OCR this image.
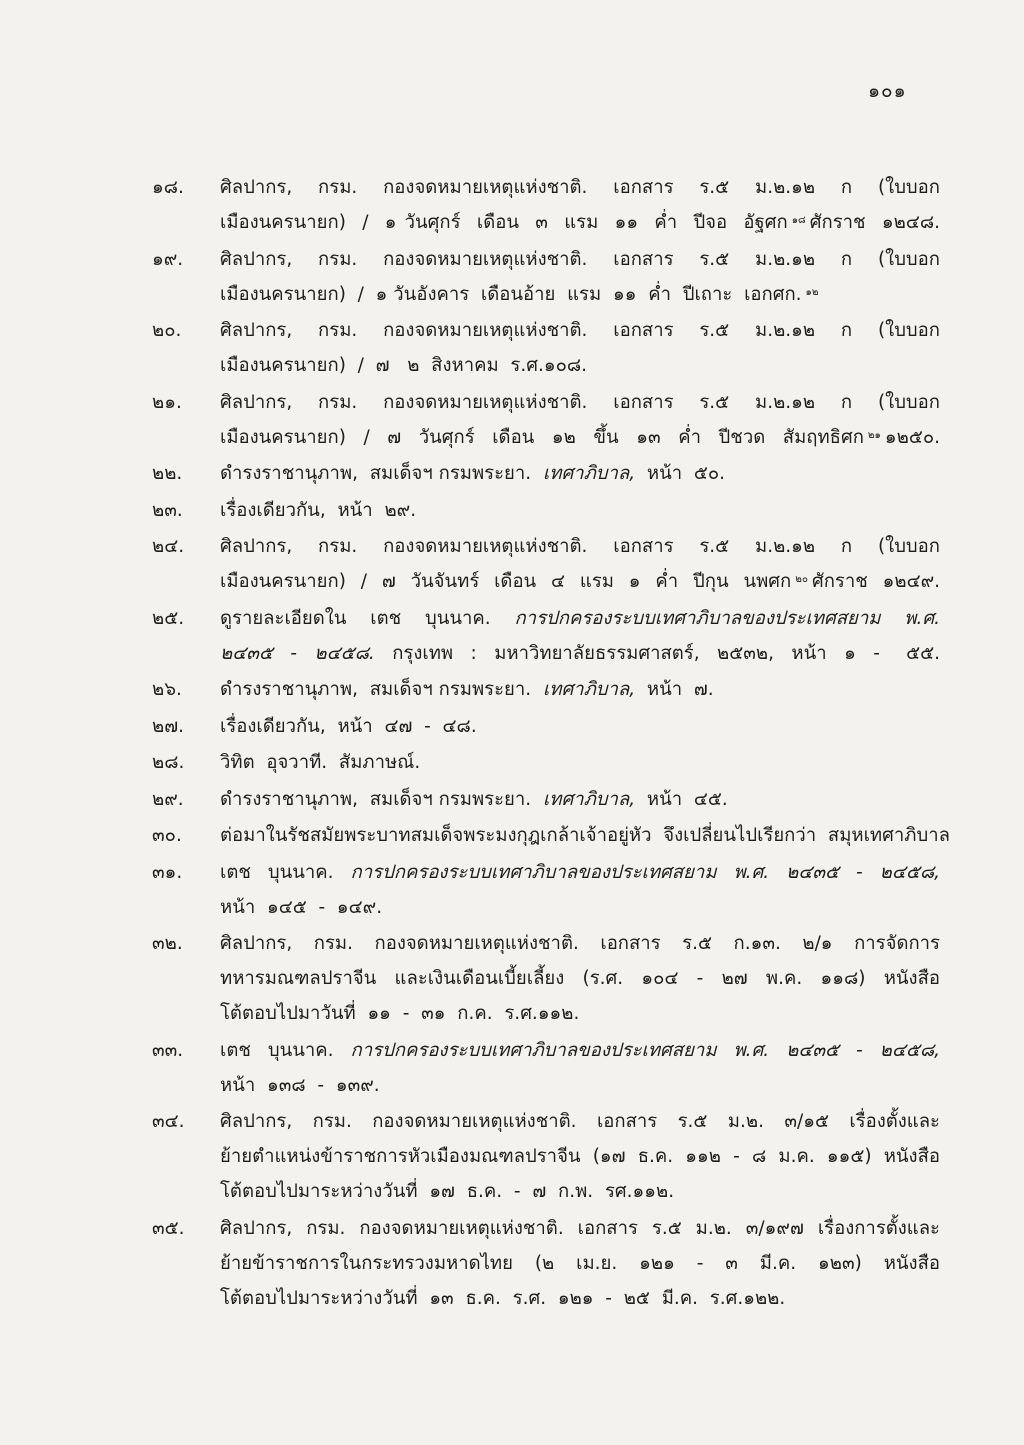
๑๐๑
๑๘. ศิลปากร,  กรม.  กองจดหมายเหตุแห่งชาติ.  เอกสาร  ร.๕  ม.๒.๑๒  ก  (ใบบอก
เมืองนครนายก)  /  ๑ วันศุกร์  เดือน  ๓  แรม  ๑๑  ค่ำ  ปีจอ  อัฐศก $^{๑๘}$ ศักราช  ๑๒๔๘.
๑๙. ศิลปากร,  กรม.  กองจดหมายเหตุแห่งชาติ.  เอกสาร  ร.๕  ม.๒.๑๒  ก  (ใบบอก
เมืองนครนายก)  /  ๑ วันอังคาร  เดือนอ้าย  แรม  ๑๑  ค่ำ  ปีเถาะ  เอกศก. $^{๑๒}$
๒๐. ศิลปากร,  กรม.  กองจดหมายเหตุแห่งชาติ.  เอกสาร  ร.๕  ม.๒.๑๒  ก  (ใบบอก
เมืองนครนายก)  /  ๗   ๒  สิงหาคม  ร.ศ.๑๐๘.
๒๑. ศิลปากร,  กรม.  กองจดหมายเหตุแห่งชาติ.  เอกสาร  ร.๕  ม.๒.๑๒  ก  (ใบบอก
เมืองนครนายก)  /  ๗  วันศุกร์  เดือน  ๑๒  ขึ้น  ๑๓  ค่ำ  ปีชวด  สัมฤทธิศก $^{๒๑}$ ๑๒๕๐.
๒๒. ดำรงราชานุภาพ,  สมเด็จฯ กรมพระยา.  เทศาภิบาล,  หน้า  ๕๐.
๒๓. เรื่องเดียวกัน,  หน้า  ๒๙.
๒๔. ศิลปากร,  กรม.  กองจดหมายเหตุแห่งชาติ.  เอกสาร  ร.๕  ม.๒.๑๒  ก  (ใบบอก
เมืองนครนายก)  /  ๗  วันจันทร์  เดือน  ๔  แรม  ๑  ค่ำ  ปีกุน  นพศก $^{๒๐}$ ศักราช  ๑๒๔๙.
๒๕. ดูรายละเอียดใน  เตช  บุนนาค.  การปกครองระบบเทศาภิบาลของประเทศสยาม  พ.ศ.
๒๔๓๕  -  ๒๔๕๘.  กรุงเทพ  :  มหาวิทยาลัยธรรมศาสตร์,  ๒๕๓๒,  หน้า  ๑  -   ๕๕.
๒๖. ดำรงราชานุภาพ,  สมเด็จฯ กรมพระยา.  เทศาภิบาล,  หน้า  ๗.
๒๗. เรื่องเดียวกัน,  หน้า  ๔๗  -  ๔๘.
๒๘. วิทิต  อุจวาที.  สัมภาษณ์.
๒๙. ดำรงราชานุภาพ,  สมเด็จฯ กรมพระยา.  เทศาภิบาล,  หน้า  ๔๕.
๓๐. ต่อมาในรัชสมัยพระบาทสมเด็จพระมงกุฎเกล้าเจ้าอยู่หัว  จึงเปลี่ยนไปเรียกว่า  สมุหเทศาภิบาล
๓๑. เตช  บุนนาค.  การปกครองระบบเทศาภิบาลของประเทศสยาม  พ.ศ.  ๒๔๓๕  -  ๒๔๕๘,
หน้า  ๑๔๕  -  ๑๔๙.
๓๒. ศิลปากร,  กรม.  กองจดหมายเหตุแห่งชาติ.  เอกสาร  ร.๕  ก.๑๓.  ๒/๑  การจัดการ
ทหารมณฑลปราจีน  และเงินเดือนเบี้ยเลี้ยง  (ร.ศ.  ๑๐๔  -  ๒๗  พ.ค.  ๑๑๘)  หนังสือ
โต้ตอบไปมาวันที่  ๑๑  -  ๓๑  ก.ค.  ร.ศ.๑๑๒.
๓๓. เตช  บุนนาค.  การปกครองระบบเทศาภิบาลของประเทศสยาม  พ.ศ.  ๒๔๓๕  -  ๒๔๕๘,
หน้า  ๑๓๘  -  ๑๓๙.
๓๔. ศิลปากร,  กรม.  กองจดหมายเหตุแห่งชาติ.  เอกสาร  ร.๕  ม.๒.  ๓/๑๕  เรื่องตั้งและ
ย้ายตำแหน่งข้าราชการหัวเมืองมณฑลปราจีน  (๑๗  ธ.ค.  ๑๑๒  -  ๘  ม.ค.  ๑๑๕)  หนังสือ
โต้ตอบไปมาระหว่างวันที่  ๑๗  ธ.ค.  -  ๗  ก.พ.  รศ.๑๑๒.
๓๕. ศิลปากร,  กรม.  กองจดหมายเหตุแห่งชาติ.  เอกสาร  ร.๕  ม.๒.  ๓/๑๙๗  เรื่องการตั้งและ
ย้ายข้าราชการในกระทรวงมหาดไทย  (๒  เม.ย.  ๑๒๑  -  ๓  มี.ค.  ๑๒๓)  หนังสือ
โต้ตอบไปมาระหว่างวันที่  ๑๓  ธ.ค.  ร.ศ.  ๑๒๑  -  ๒๕  มี.ค.  ร.ศ.๑๒๒.
